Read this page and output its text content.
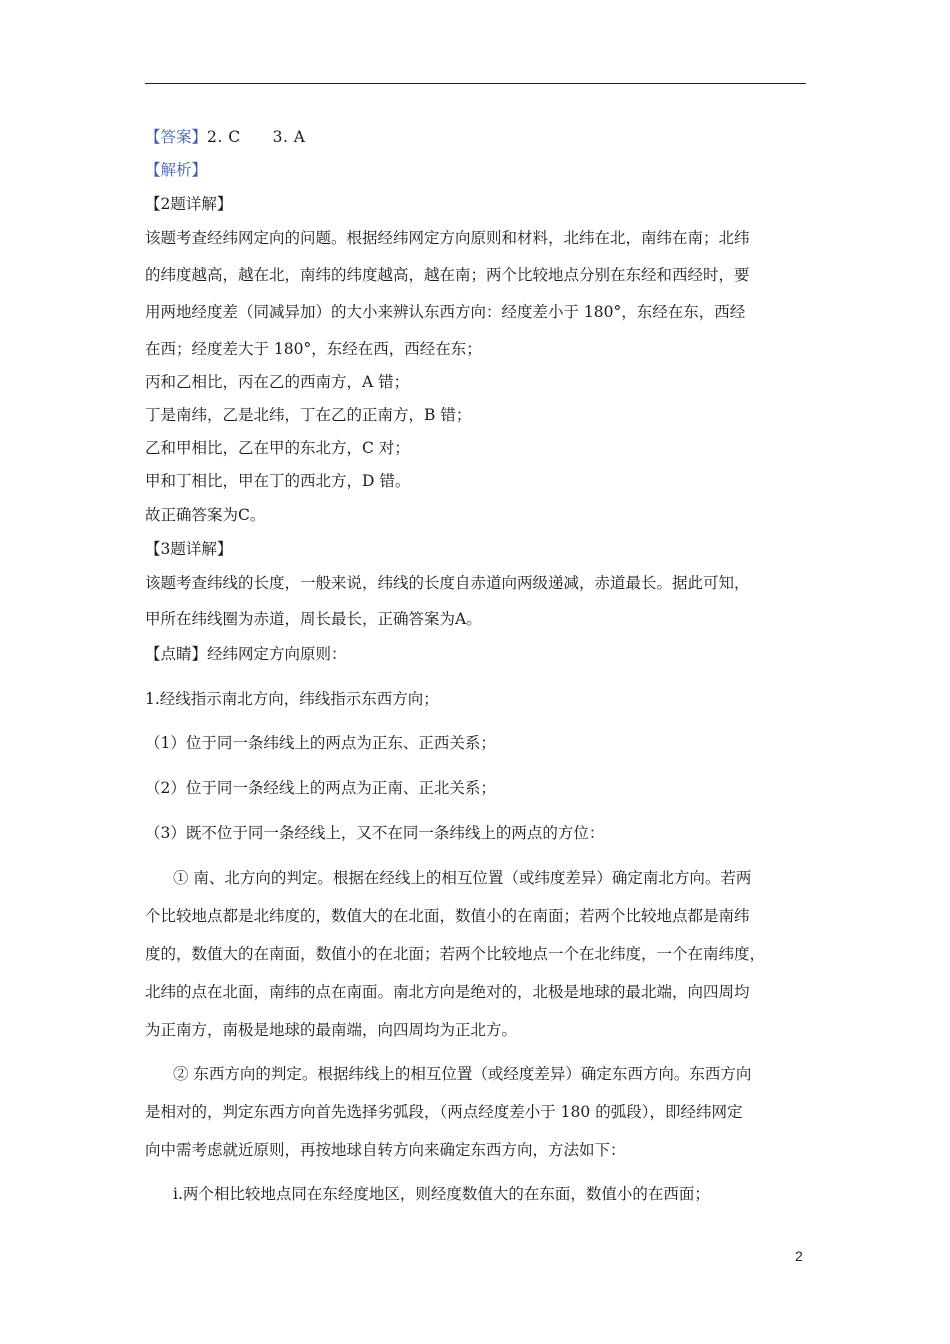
【答案】2. C　　3. A
【解析】
【2题详解】
该题考查经纬网定向的问题。根据经纬网定方向原则和材料，北纬在北，南纬在南；北纬
的纬度越高，越在北，南纬的纬度越高，越在南；两个比较地点分别在东经和西经时，要
用两地经度差（同减异加）的大小来辨认东西方向：经度差小于 180°，东经在东，西经
在西；经度差大于 180°，东经在西，西经在东；
丙和乙相比，丙在乙的西南方，A 错；
丁是南纬，乙是北纬，丁在乙的正南方，B 错；
乙和甲相比，乙在甲的东北方，C 对；
甲和丁相比，甲在丁的西北方，D 错。
故正确答案为C。
【3题详解】
该题考查纬线的长度，一般来说，纬线的长度自赤道向两级递减，赤道最长。据此可知，
甲所在纬线圈为赤道，周长最长，正确答案为A。
【点睛】经纬网定方向原则：
1.经线指示南北方向，纬线指示东西方向；
（1）位于同一条纬线上的两点为正东、正西关系；
（2）位于同一条经线上的两点为正南、正北关系；
（3）既不位于同一条经线上，又不在同一条纬线上的两点的方位：
① 南、北方向的判定。根据在经线上的相互位置（或纬度差异）确定南北方向。若两
个比较地点都是北纬度的，数值大的在北面，数值小的在南面；若两个比较地点都是南纬
度的，数值大的在南面，数值小的在北面；若两个比较地点一个在北纬度，一个在南纬度，
北纬的点在北面，南纬的点在南面。南北方向是绝对的，北极是地球的最北端，向四周均
为正南方，南极是地球的最南端，向四周均为正北方。
② 东西方向的判定。根据纬线上的相互位置（或经度差异）确定东西方向。东西方向
是相对的，判定东西方向首先选择劣弧段，（两点经度差小于 180 的弧段），即经纬网定
向中需考虑就近原则，再按地球自转方向来确定东西方向，方法如下：
ⅰ.两个相比较地点同在东经度地区，则经度数值大的在东面，数值小的在西面；
2
